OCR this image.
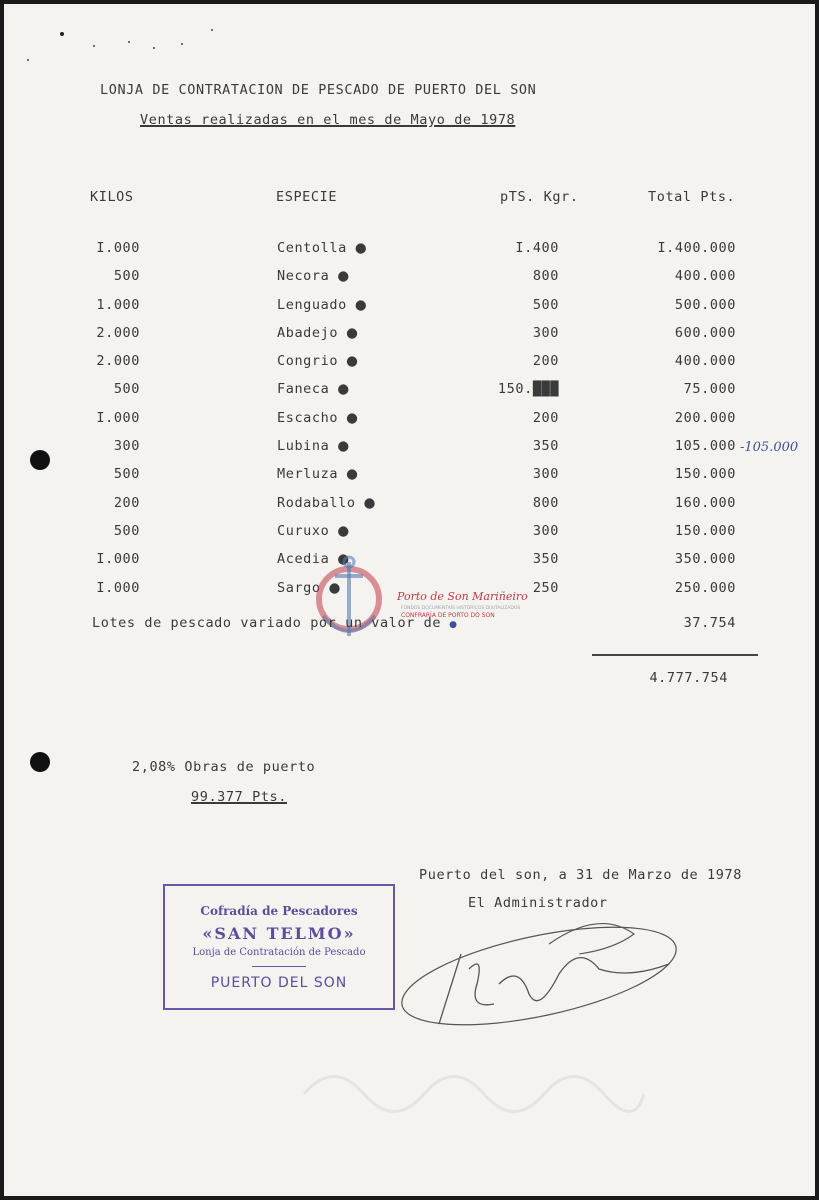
LONJA DE CONTRATACION DE PESCADO DE PUERTO DEL SON
Ventas realizadas en el mes de Mayo de 1978
KILOS	ESPECIE	pTS. Kgr.	Total Pts.
I.000	Centolla ●	I.400	I.400.000
500	Necora ●	800	400.000
1.000	Lenguado ●	500	500.000
2.000	Abadejo ●	300	600.000
2.000	Congrio ●	200	400.000
500	Faneca ●	150.███	75.000
I.000	Escacho ●	200	200.000
300	Lubina ●	350	105.000
500	Merluza ●	300	150.000
200	Rodaballo ●	800	160.000
500	Curuxo ●	300	150.000
I.000	Acedia ●	350	350.000
I.000	Sargo ●	250	250.000
-105.000
Porto de Son Mariñeiro
FONDOS DOCUMENTAIS HISTÓRICOS DIXITALIZADOS
CONFRARÍA DE PORTO DO SON
Lotes de pescado variado por un valor de ●	37.754
4.777.754
2,08% Obras de puerto
99.377 Pts.
Puerto del son, a 31 de Marzo de 1978
El Administrador
Cofradía de Pescadores
«SAN TELMO»
Lonja de Contratación de Pescado
PUERTO DEL SON
